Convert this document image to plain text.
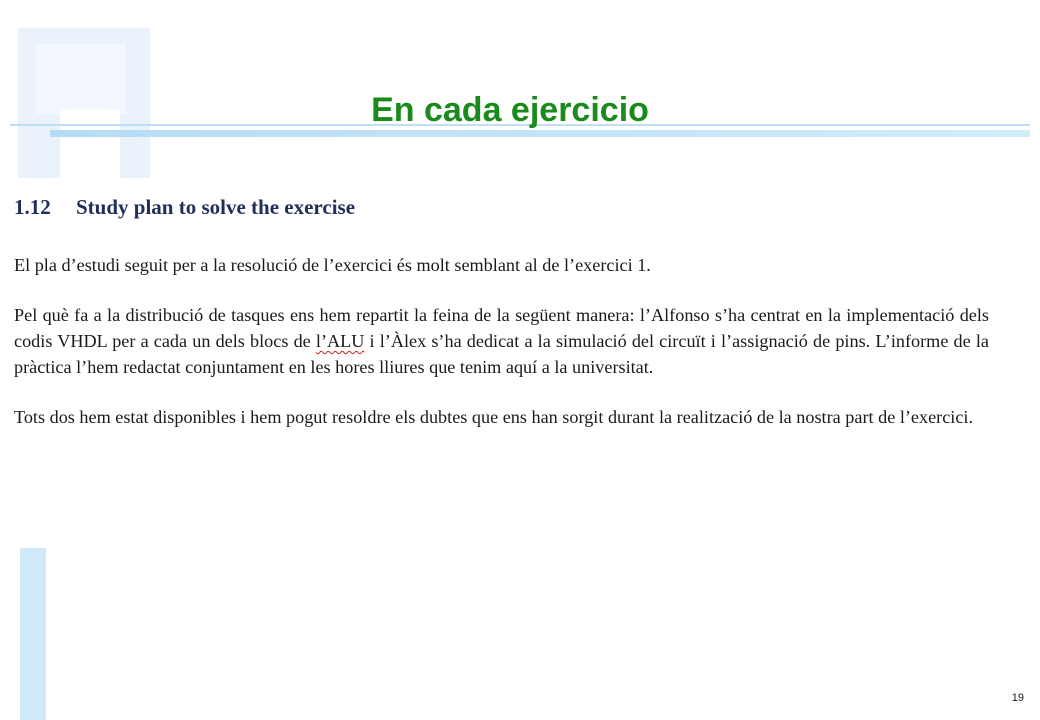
En cada ejercicio
1.12 Study plan to solve the exercise

El pla d’estudi seguit per a la resolució de l’exercici és molt semblant al de l’exercici 1.

Pel què fa a la distribució de tasques ens hem repartit la feina de la següent manera: l’Alfonso s’ha centrat en la implementació dels codis VHDL per a cada un dels blocs de l’ALU i l’Àlex s’ha dedicat a la simulació del circuït i l’assignació de pins. L’informe de la pràctica l’hem redactat conjuntament en les hores lliures que tenim aquí a la universitat.

Tots dos hem estat disponibles i hem pogut resoldre els dubtes que ens han sorgit durant la realització de la nostra part de l’exercici.

19
